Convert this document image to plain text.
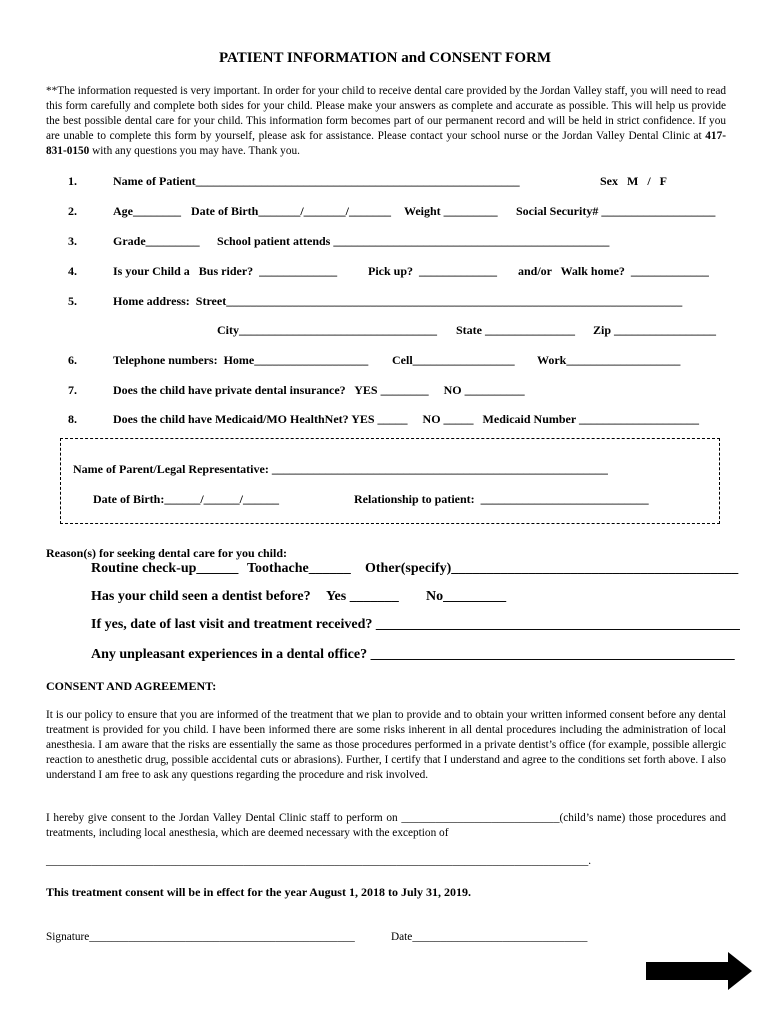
PATIENT INFORMATION and CONSENT FORM
**The information requested is very important. In order for your child to receive dental care provided by the Jordan Valley staff, you will need to read this form carefully and complete both sides for your child. Please make your answers as complete and accurate as possible. This will help us provide the best possible dental care for your child. This information form becomes part of our permanent record and will be held in strict confidence. If you are unable to complete this form by yourself, please ask for assistance. Please contact your school nurse or the Jordan Valley Dental Clinic at 417-831-0150 with any questions you may have. Thank you.
1.	Name of Patient______________________________________________________	Sex   M   /   F
2.	Age________ Date of Birth_______/_______/_______ Weight _________ Social Security# ___________________
3.	Grade_________ School patient attends ______________________________________________
4.	Is your Child a   Bus rider?  _____________	Pick up?  _____________ and/or   Walk home?  _____________
5.	Home address:  Street____________________________________________________________________________
City_________________________________ State _______________ Zip _________________
6.	Telephone numbers:  Home___________________ Cell_________________ Work___________________
7.	Does the child have private dental insurance?   YES ________     NO __________
8.	Does the child have Medicaid/MO HealthNet? YES _____     NO _____   Medicaid Number ____________________
Name of Parent/Legal Representative: ________________________________________________________
Date of Birth:______/______/______	Relationship to patient:  ____________________________
Reason(s) for seeking dental care for you child:
Routine check-up______ Toothache______ Other(specify)_________________________________________
Has your child seen a dentist before? Yes _______ No_________
If yes, date of last visit and treatment received? ____________________________________________________
Any unpleasant experiences in a dental office? ____________________________________________________
CONSENT AND AGREEMENT:
It is our policy to ensure that you are informed of the treatment that we plan to provide and to obtain your written informed consent before any dental treatment is provided for you child. I have been informed there are some risks inherent in all dental procedures including the administration of local anesthesia. I am aware that the risks are essentially the same as those procedures performed in a private dentist’s office (for example, possible allergic reaction to anesthetic drug, possible accidental cuts or abrasions). Further, I certify that I understand and agree to the conditions set forth above. I also understand I am free to ask any questions regarding the procedure and risk involved.
I hereby give consent to the Jordan Valley Dental Clinic staff to perform on ____________________________(child’s name) those procedures and treatments, including local anesthesia, which are deemed necessary with the exception of
________________________________________________________________________________________________.
This treatment consent will be in effect for the year August 1, 2018 to July 31, 2019.
Signature_______________________________________________	Date_______________________________
